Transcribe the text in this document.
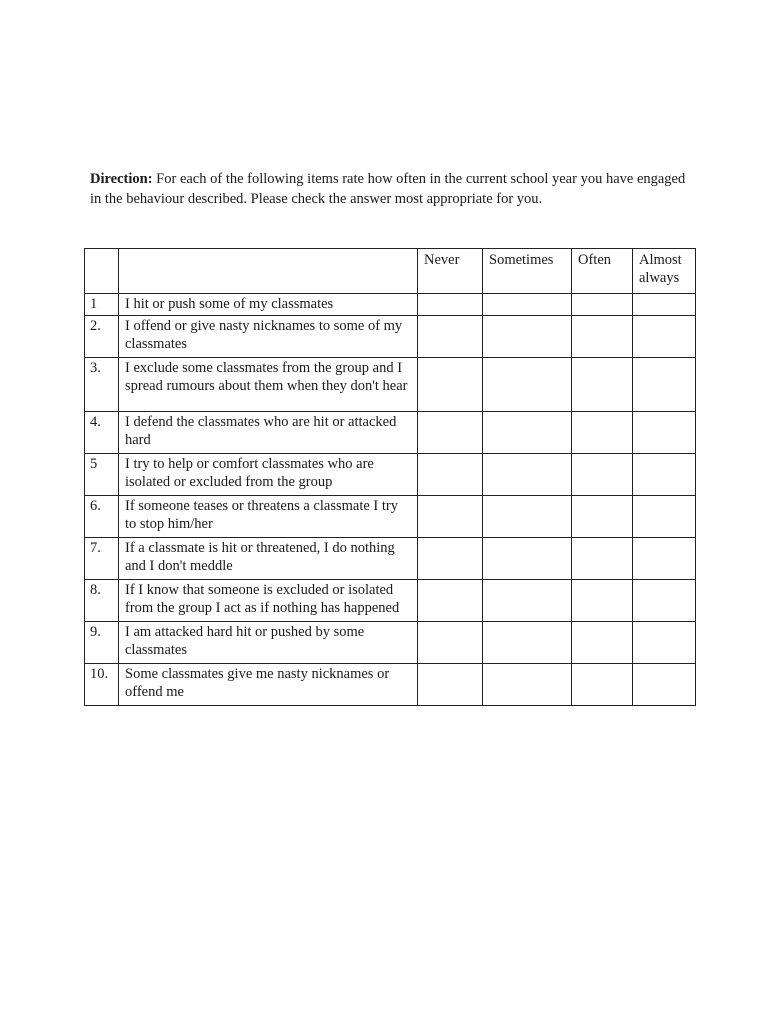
Direction: For each of the following items rate how often in the current school year you have engaged in the behaviour described. Please check the answer most appropriate for you.

		Never	Sometimes	Often	Almost always
1	I hit or push some of my classmates				
2.	I offend or give nasty nicknames to some of my classmates				
3.	I exclude some classmates from the group and I spread rumours about them when they don't hear				
4.	I defend the classmates who are hit or attacked hard				
5	I try to help or comfort classmates who are isolated or excluded from the group				
6.	If someone teases or threatens a classmate I try to stop him/her				
7.	If a classmate is hit or threatened, I do nothing and I don't meddle				
8.	If I know that someone is excluded or isolated from the group I act as if nothing has happened				
9.	I am attacked hard hit or pushed by some classmates				
10.	Some classmates give me nasty nicknames or offend me				
